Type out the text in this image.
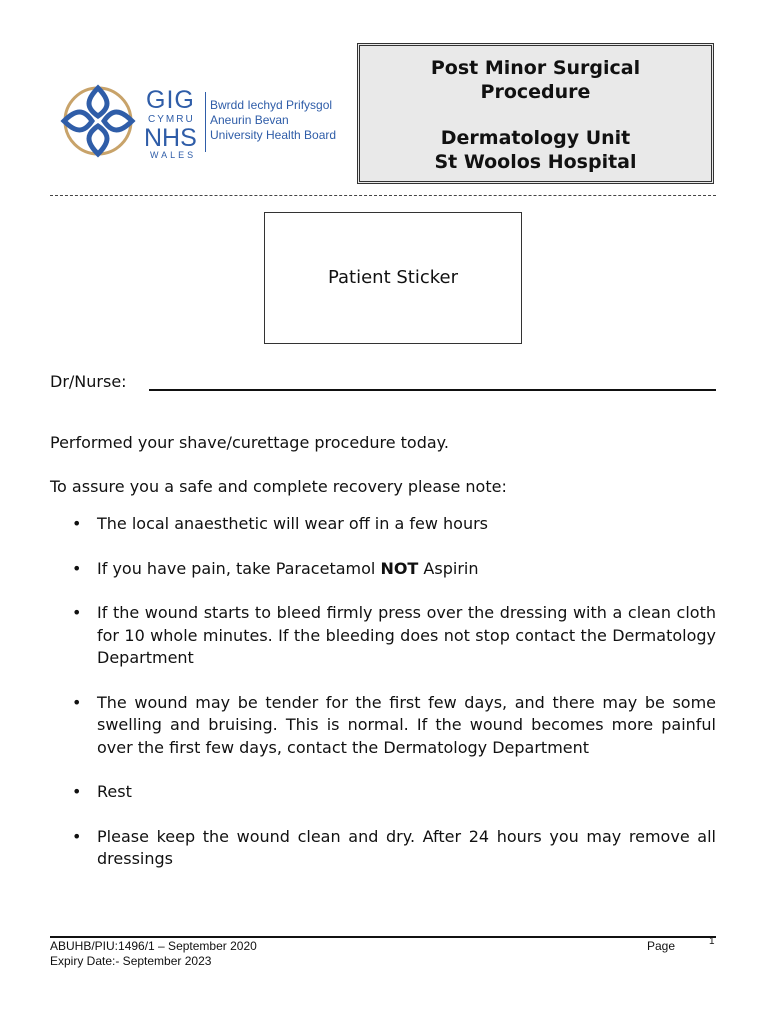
GIG
CYMRU
NHS
WALES
Bwrdd Iechyd Prifysgol
Aneurin Bevan
University Health Board
Post Minor Surgical
Procedure
Dermatology Unit
St Woolos Hospital
Patient Sticker
Dr/Nurse:
Performed your shave/curettage procedure today.
To assure you a safe and complete recovery please note:
• The local anaesthetic will wear off in a few hours
• If you have pain, take Paracetamol NOT Aspirin
• If the wound starts to bleed firmly press over the dressing with a clean cloth for 10 whole minutes. If the bleeding does not stop contact the Dermatology Department
• The wound may be tender for the first few days, and there may be some swelling and bruising. This is normal. If the wound becomes more painful over the first few days, contact the Dermatology Department
• Rest
• Please keep the wound clean and dry. After 24 hours you may remove all dressings
ABUHB/PIU:1496/1 – September 2020
Expiry Date:- September 2023
Page	1
